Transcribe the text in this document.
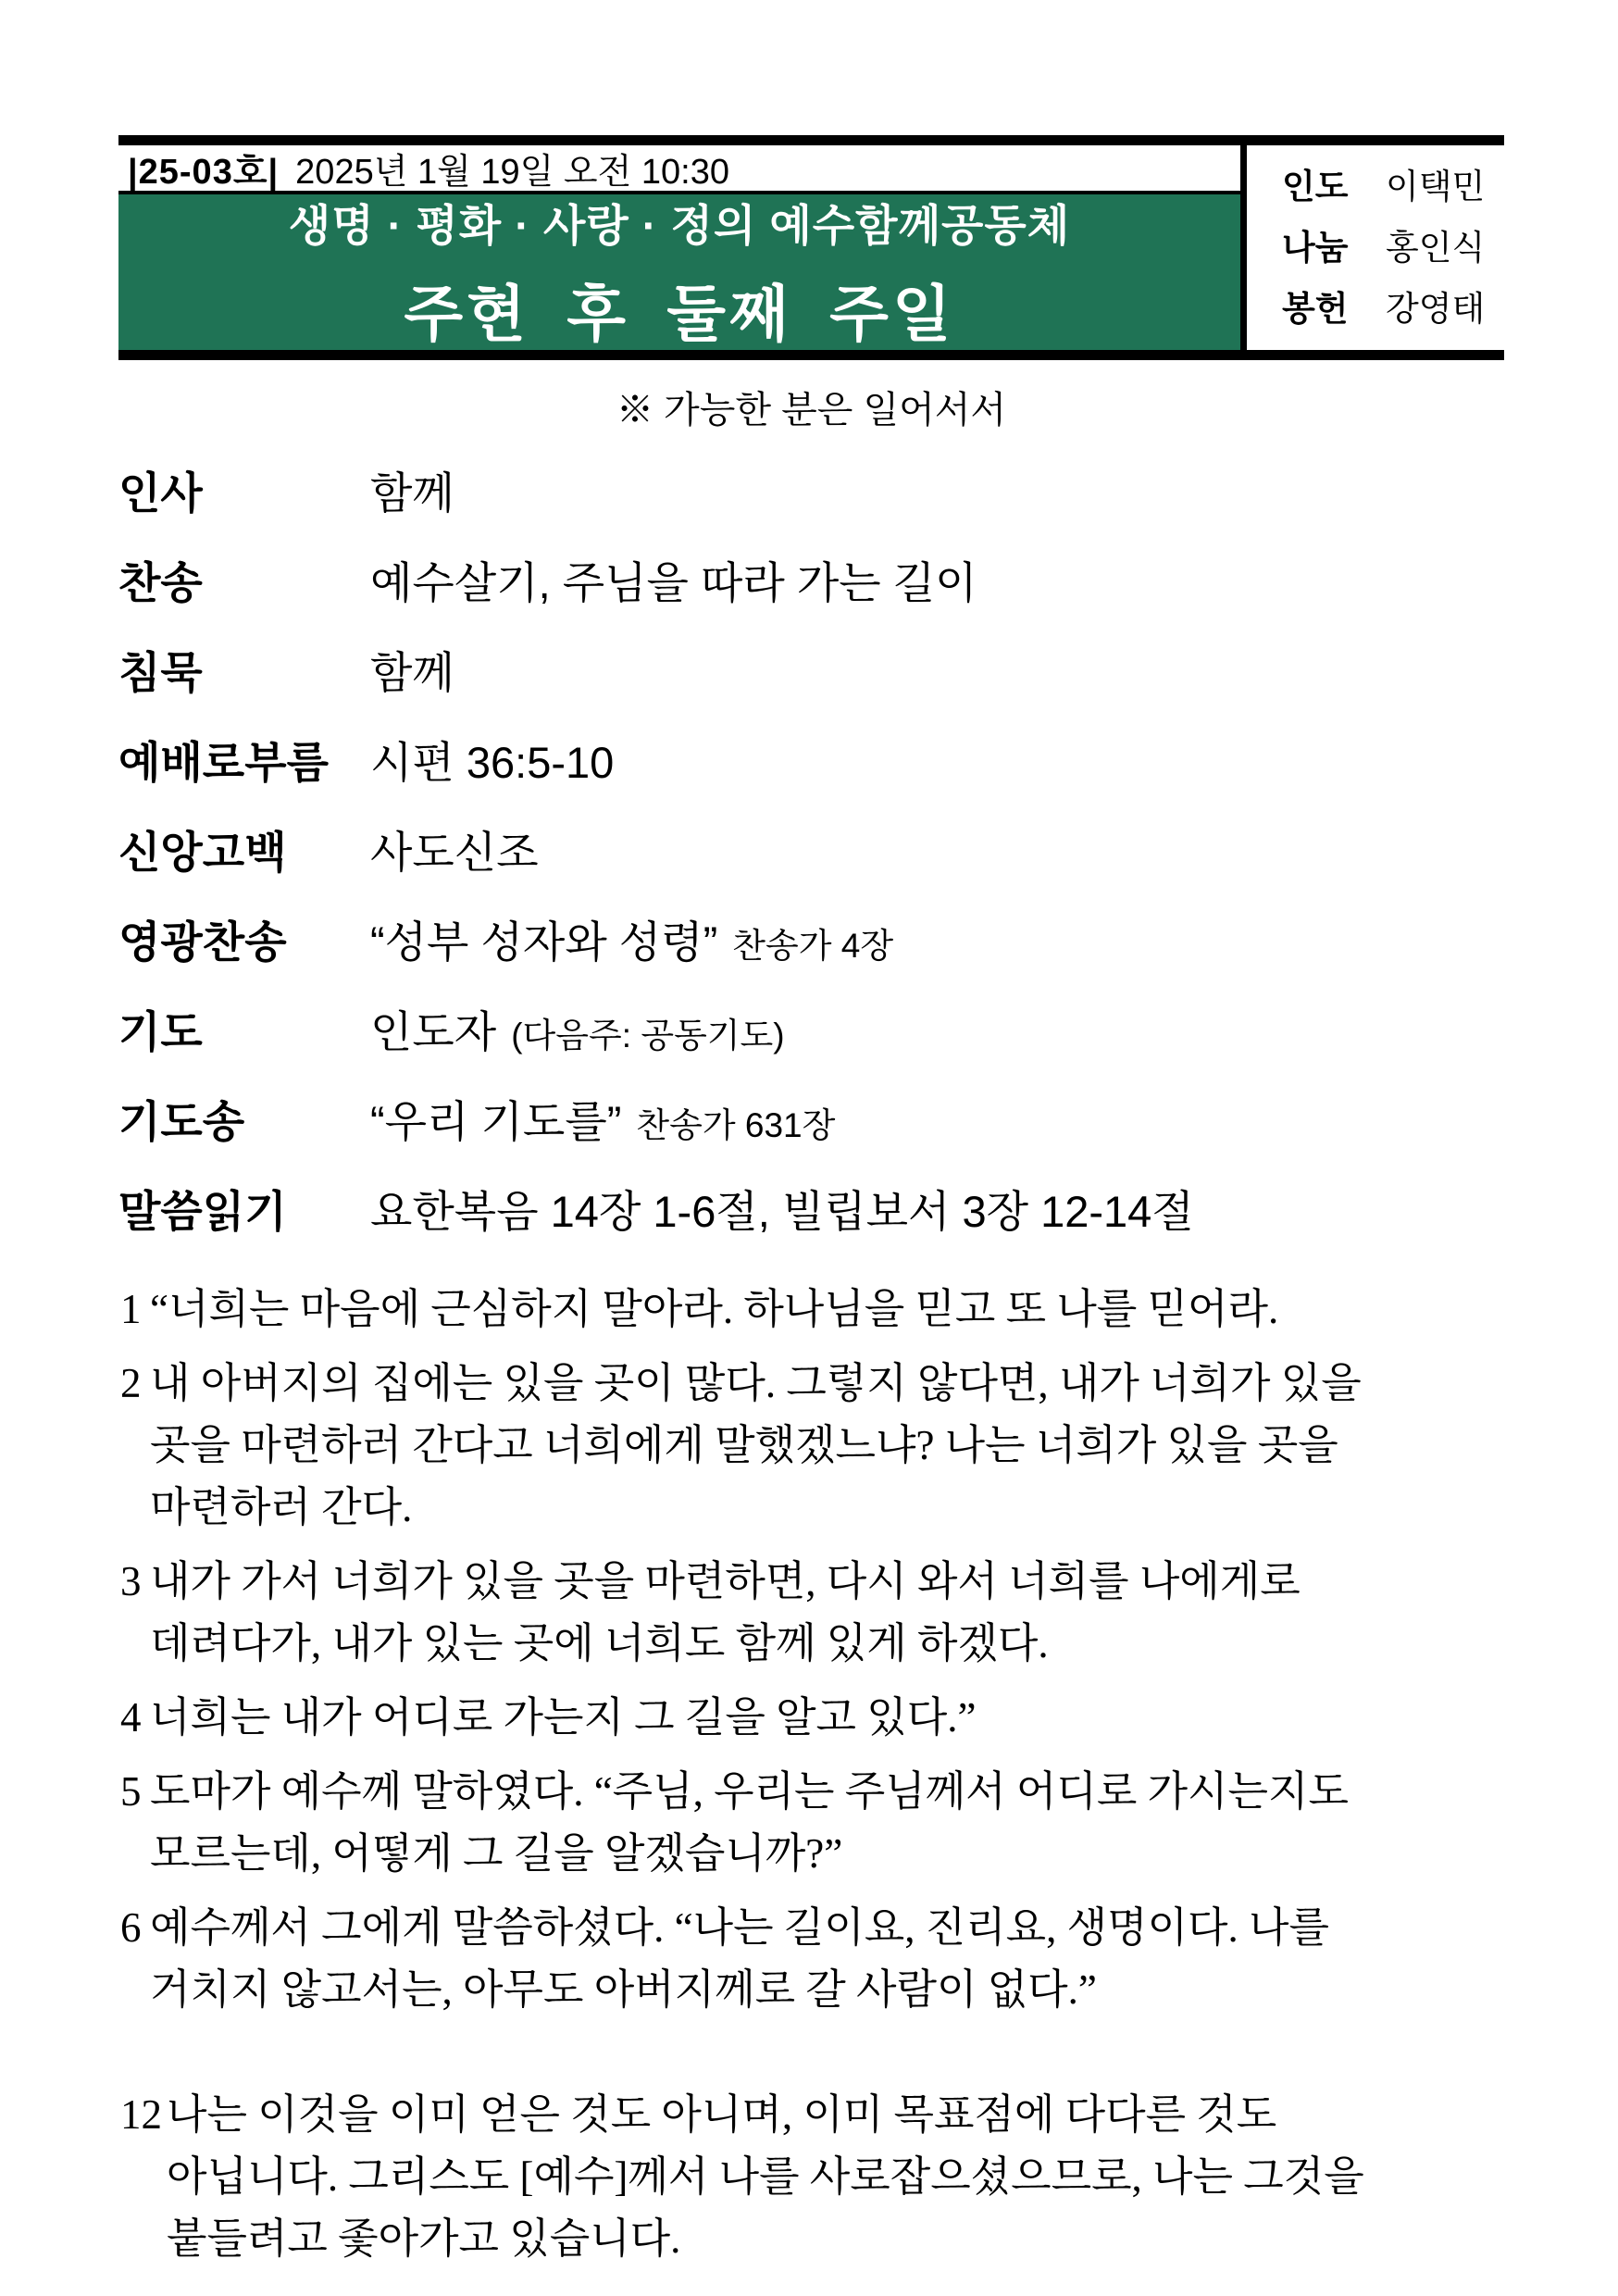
|25-03호| 2025년 1월 19일 오전 10:30
생명 · 평화 · 사랑 · 정의 예수함께공동체
주현 후 둘째 주일
인도	이택민
나눔	홍인식
봉헌	강영태
※ 가능한 분은 일어서서
인사	함께
찬송	예수살기, 주님을 따라 가는 길이
침묵	함께
예배로부름 시편 36:5-10
신앙고백	사도신조
영광찬송	“성부 성자와 성령” 찬송가 4장
기도	인도자 (다음주: 공동기도)
기도송	“우리 기도를” 찬송가 631장
말씀읽기	요한복음 14장 1-6절, 빌립보서 3장 12-14절
1 “너희는 마음에 근심하지 말아라. 하나님을 믿고 또 나를 믿어라.
2 내 아버지의 집에는 있을 곳이 많다. 그렇지 않다면, 내가 너희가 있을
곳을 마련하러 간다고 너희에게 말했겠느냐? 나는 너희가 있을 곳을
마련하러 간다.
3 내가 가서 너희가 있을 곳을 마련하면, 다시 와서 너희를 나에게로
데려다가, 내가 있는 곳에 너희도 함께 있게 하겠다.
4 너희는 내가 어디로 가는지 그 길을 알고 있다.”
5 도마가 예수께 말하였다. “주님, 우리는 주님께서 어디로 가시는지도
모르는데, 어떻게 그 길을 알겠습니까?”
6 예수께서 그에게 말씀하셨다. “나는 길이요, 진리요, 생명이다. 나를
거치지 않고서는, 아무도 아버지께로 갈 사람이 없다.”
12 나는 이것을 이미 얻은 것도 아니며, 이미 목표점에 다다른 것도
아닙니다. 그리스도 [예수]께서 나를 사로잡으셨으므로, 나는 그것을
붙들려고 좇아가고 있습니다.
